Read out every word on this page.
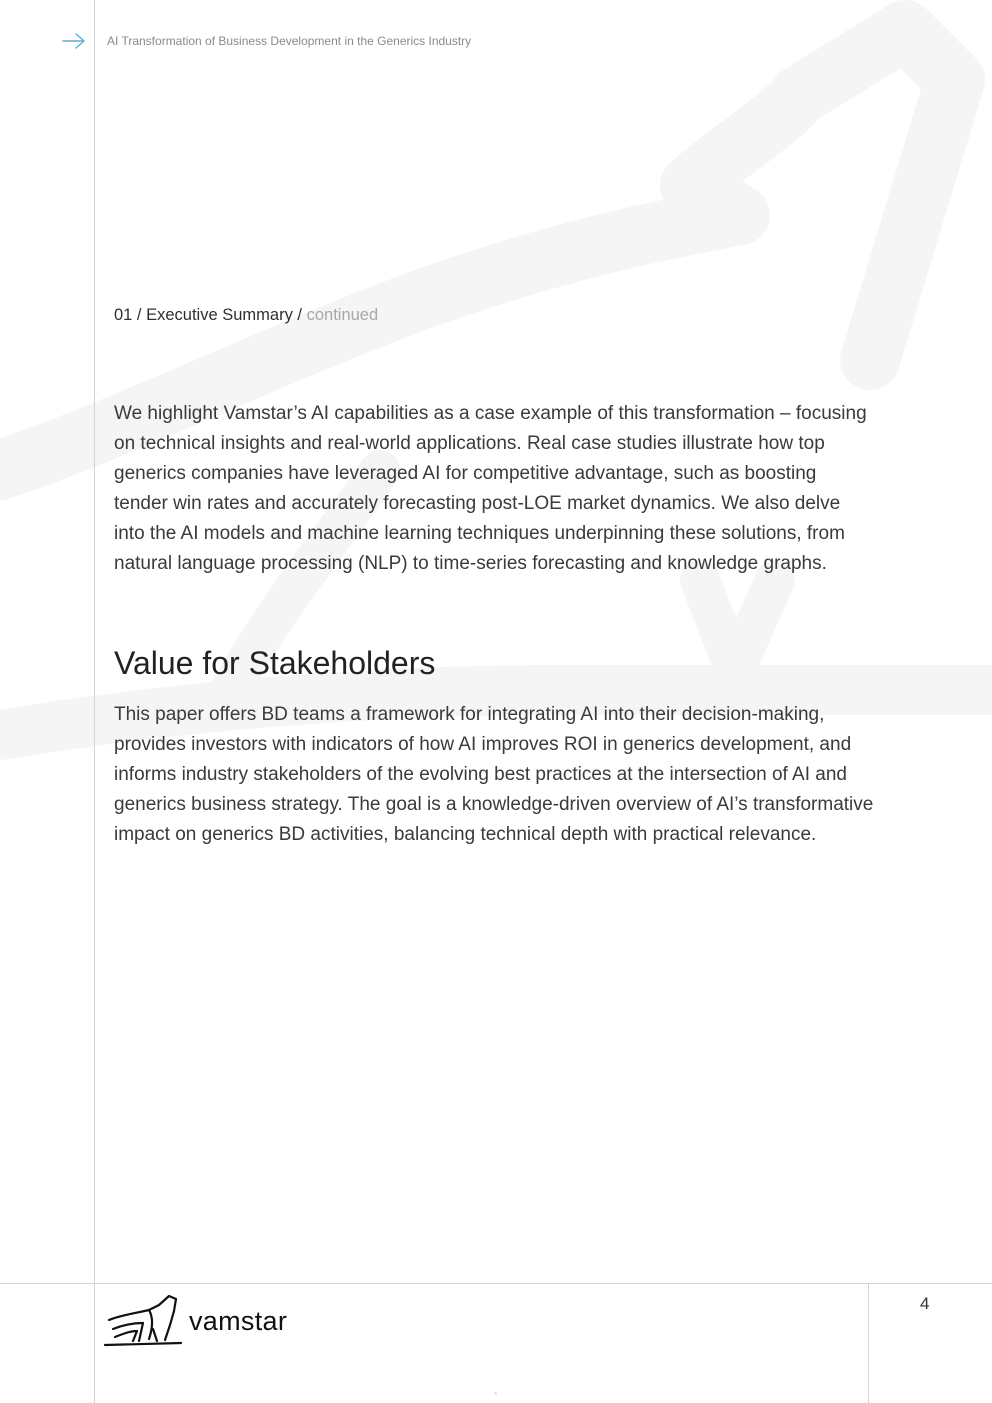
AI Transformation of Business Development in the Generics Industry
01 / Executive Summary / continued

We highlight Vamstar’s AI capabilities as a case example of this transformation – focusing on technical insights and real-world applications. Real case studies illustrate how top generics companies have leveraged AI for competitive advantage, such as boosting tender win rates and accurately forecasting post-LOE market dynamics. We also delve into the AI models and machine learning techniques underpinning these solutions, from natural language processing (NLP) to time-series forecasting and knowledge graphs.

Value for Stakeholders

This paper offers BD teams a framework for integrating AI into their decision-making, provides investors with indicators of how AI improves ROI in generics development, and informs industry stakeholders of the evolving best practices at the intersection of AI and generics business strategy. The goal is a knowledge-driven overview of AI’s transformative impact on generics BD activities, balancing technical depth with practical relevance.

vamstar
4
